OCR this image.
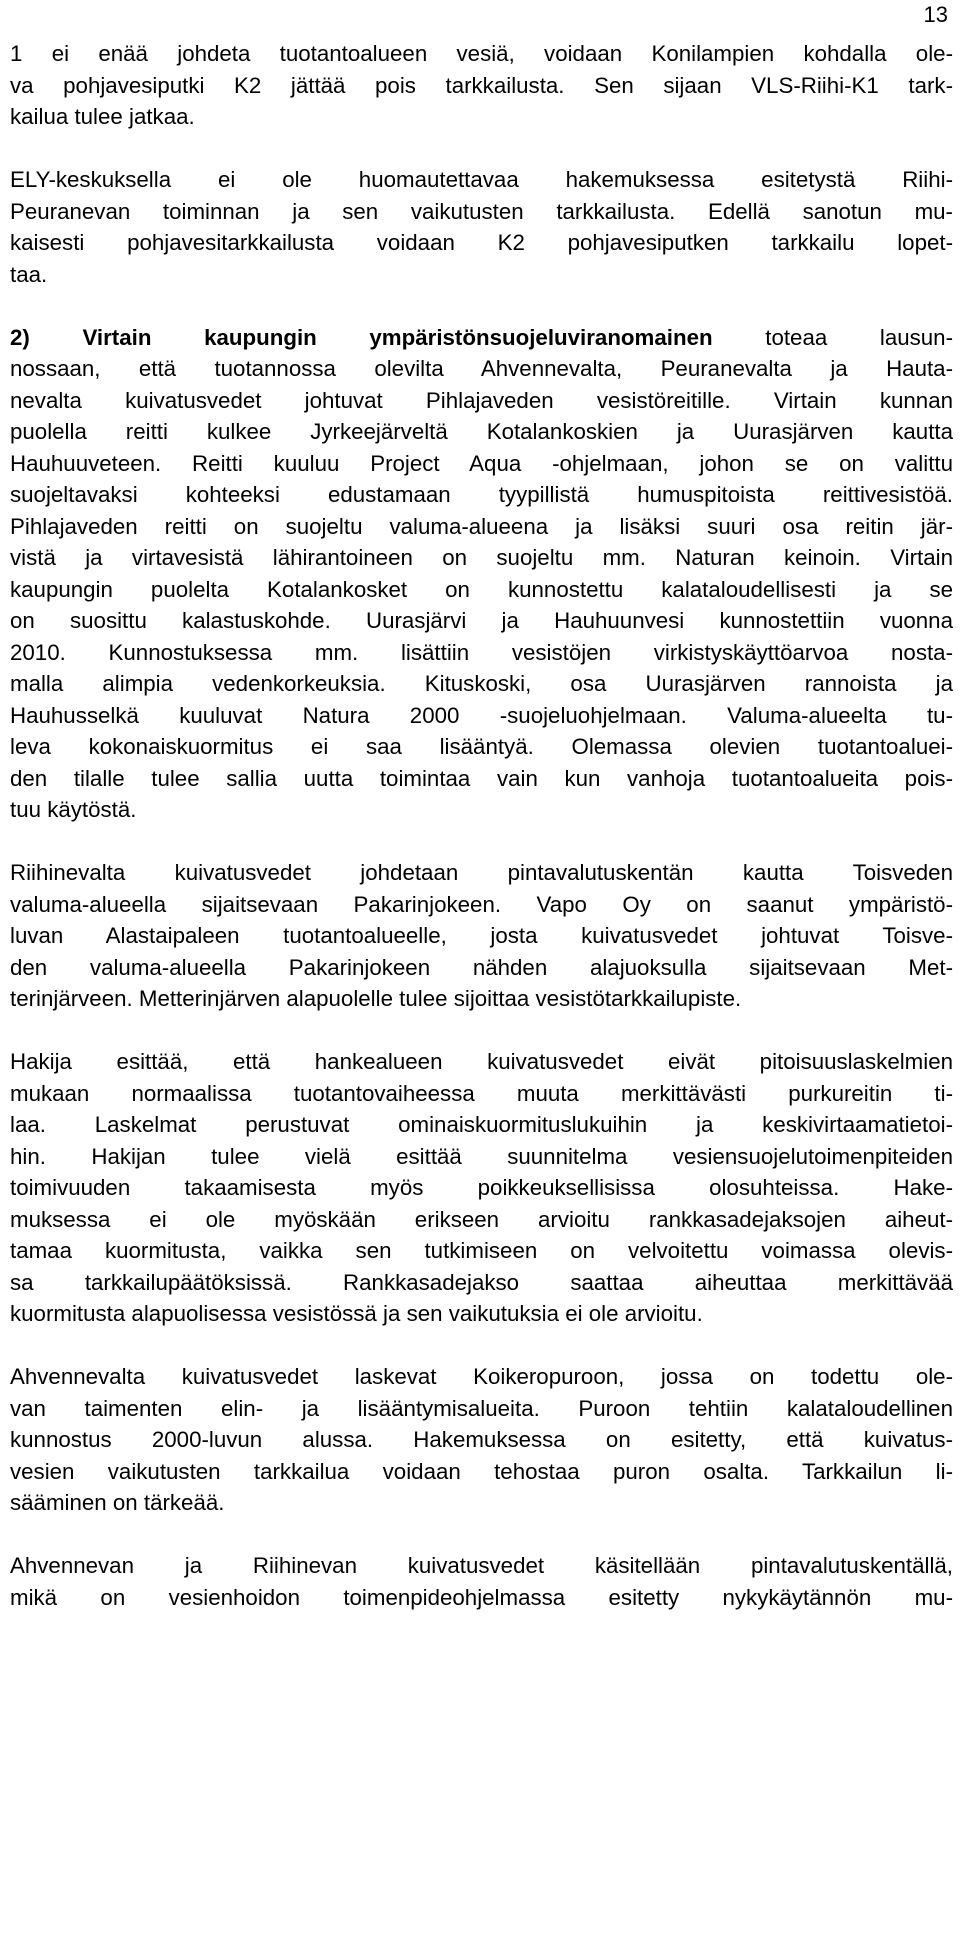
13
1 ei enää johdeta tuotantoalueen vesiä, voidaan Konilampien kohdalla ole-
va pohjavesiputki K2 jättää pois tarkkailusta. Sen sijaan VLS-Riihi-K1 tark-
kailua tulee jatkaa.
ELY-keskuksella ei ole huomautettavaa hakemuksessa esitetystä Riihi-
Peuranevan toiminnan ja sen vaikutusten tarkkailusta. Edellä sanotun mu-
kaisesti pohjavesitarkkailusta voidaan K2 pohjavesiputken tarkkailu lopet-
taa.
2) Virtain kaupungin ympäristönsuojeluviranomainen toteaa lausun-
nossaan, että tuotannossa olevilta Ahvennevalta, Peuranevalta ja Hauta-
nevalta kuivatusvedet johtuvat Pihlajaveden vesistöreitille. Virtain kunnan
puolella reitti kulkee Jyrkeejärveltä Kotalankoskien ja Uurasjärven kautta
Hauhuuveteen. Reitti kuuluu Project Aqua -ohjelmaan, johon se on valittu
suojeltavaksi kohteeksi edustamaan tyypillistä humuspitoista reittivesistöä.
Pihlajaveden reitti on suojeltu valuma-alueena ja lisäksi suuri osa reitin jär-
vistä ja virtavesistä lähirantoineen on suojeltu mm. Naturan keinoin. Virtain
kaupungin puolelta Kotalankosket on kunnostettu kalataloudellisesti ja se
on suosittu kalastuskohde. Uurasjärvi ja Hauhuunvesi kunnostettiin vuonna
2010. Kunnostuksessa mm. lisättiin vesistöjen virkistyskäyttöarvoa nosta-
malla alimpia vedenkorkeuksia. Kituskoski, osa Uurasjärven rannoista ja
Hauhusselkä kuuluvat Natura 2000 -suojeluohjelmaan. Valuma-alueelta tu-
leva kokonaiskuormitus ei saa lisääntyä. Olemassa olevien tuotantoaluei-
den tilalle tulee sallia uutta toimintaa vain kun vanhoja tuotantoalueita pois-
tuu käytöstä.
Riihinevalta kuivatusvedet johdetaan pintavalutuskentän kautta Toisveden
valuma-alueella sijaitsevaan Pakarinjokeen. Vapo Oy on saanut ympäristö-
luvan Alastaipaleen tuotantoalueelle, josta kuivatusvedet johtuvat Toisve-
den valuma-alueella Pakarinjokeen nähden alajuoksulla sijaitsevaan Met-
terinjärveen. Metterinjärven alapuolelle tulee sijoittaa vesistötarkkailupiste.
Hakija esittää, että hankealueen kuivatusvedet eivät pitoisuuslaskelmien
mukaan normaalissa tuotantovaiheessa muuta merkittävästi purkureitin ti-
laa. Laskelmat perustuvat ominaiskuormituslukuihin ja keskivirtaamatietoi-
hin. Hakijan tulee vielä esittää suunnitelma vesiensuojelutoimenpiteiden
toimivuuden takaamisesta myös poikkeuksellisissa olosuhteissa. Hake-
muksessa ei ole myöskään erikseen arvioitu rankkasadejaksojen aiheut-
tamaa kuormitusta, vaikka sen tutkimiseen on velvoitettu voimassa olevis-
sa tarkkailupäätöksissä. Rankkasadejakso saattaa aiheuttaa merkittävää
kuormitusta alapuolisessa vesistössä ja sen vaikutuksia ei ole arvioitu.
Ahvennevalta kuivatusvedet laskevat Koikeropuroon, jossa on todettu ole-
van taimenten elin- ja lisääntymisalueita. Puroon tehtiin kalataloudellinen
kunnostus 2000-luvun alussa. Hakemuksessa on esitetty, että kuivatus-
vesien vaikutusten tarkkailua voidaan tehostaa puron osalta. Tarkkailun li-
sääminen on tärkeää.
Ahvennevan ja Riihinevan kuivatusvedet käsitellään pintavalutuskentällä,
mikä on vesienhoidon toimenpideohjelmassa esitetty nykykäytännön mu-
